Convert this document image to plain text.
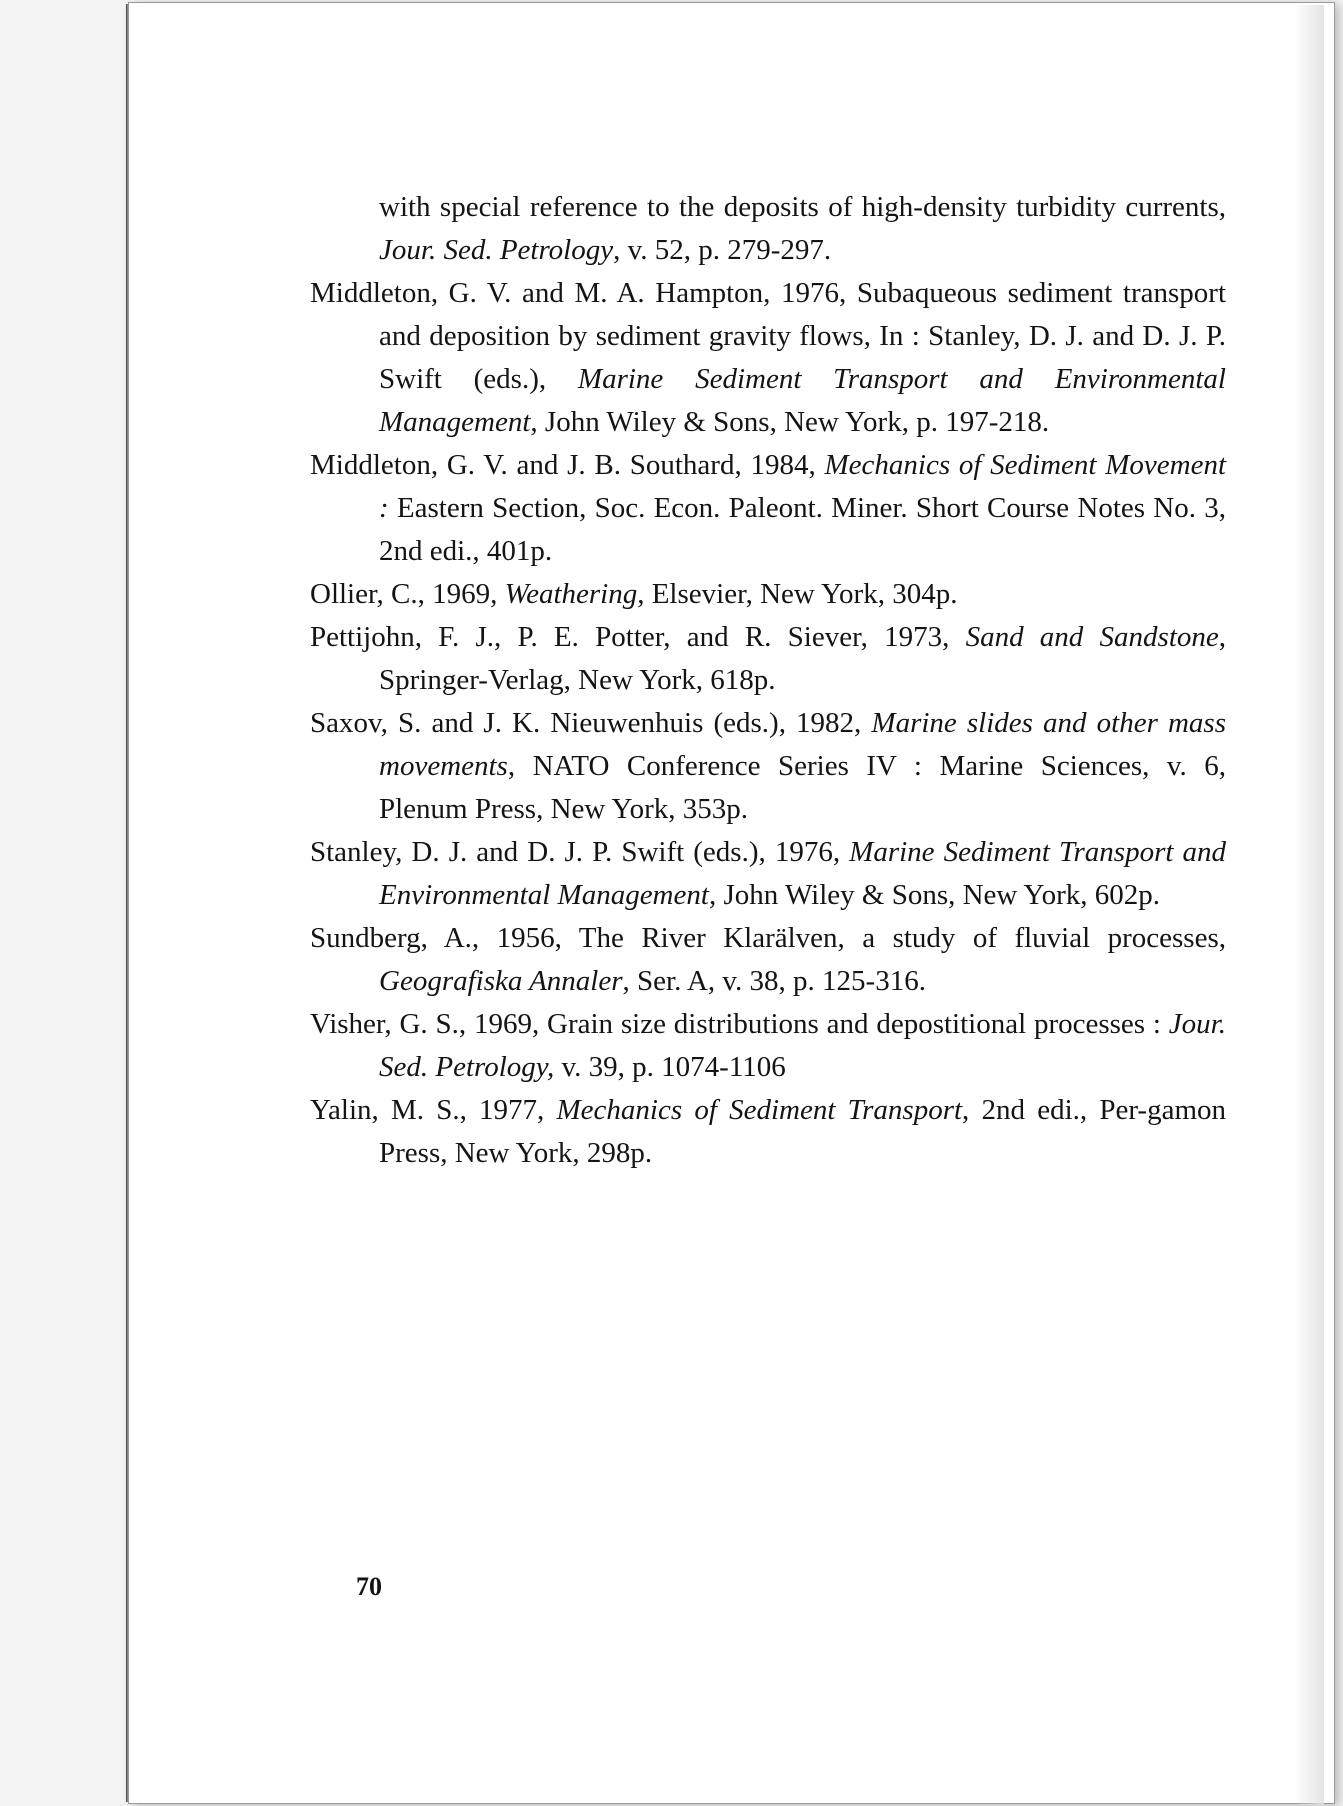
with special reference to the deposits of high-density turbidity currents, Jour. Sed. Petrology, v. 52, p. 279-297.
Middleton, G. V. and M. A. Hampton, 1976, Subaqueous sediment transport and deposition by sediment gravity flows, In : Stanley, D. J. and D. J. P. Swift (eds.), Marine Sediment Transport and Environmental Management, John Wiley & Sons, New York, p. 197-218.
Middleton, G. V. and J. B. Southard, 1984, Mechanics of Sediment Movement : Eastern Section, Soc. Econ. Paleont. Miner. Short Course Notes No. 3, 2nd edi., 401p.
Ollier, C., 1969, Weathering, Elsevier, New York, 304p.
Pettijohn, F. J., P. E. Potter, and R. Siever, 1973, Sand and Sandstone, Springer-Verlag, New York, 618p.
Saxov, S. and J. K. Nieuwenhuis (eds.), 1982, Marine slides and other mass movements, NATO Conference Series IV : Marine Sciences, v. 6, Plenum Press, New York, 353p.
Stanley, D. J. and D. J. P. Swift (eds.), 1976, Marine Sediment Transport and Environmental Management, John Wiley & Sons, New York, 602p.
Sundberg, A., 1956, The River Klarälven, a study of fluvial processes, Geografiska Annaler, Ser. A, v. 38, p. 125-316.
Visher, G. S., 1969, Grain size distributions and depostitional processes : Jour. Sed. Petrology, v. 39, p. 1074-1106
Yalin, M. S., 1977, Mechanics of Sediment Transport, 2nd edi., Per-gamon Press, New York, 298p.
70
